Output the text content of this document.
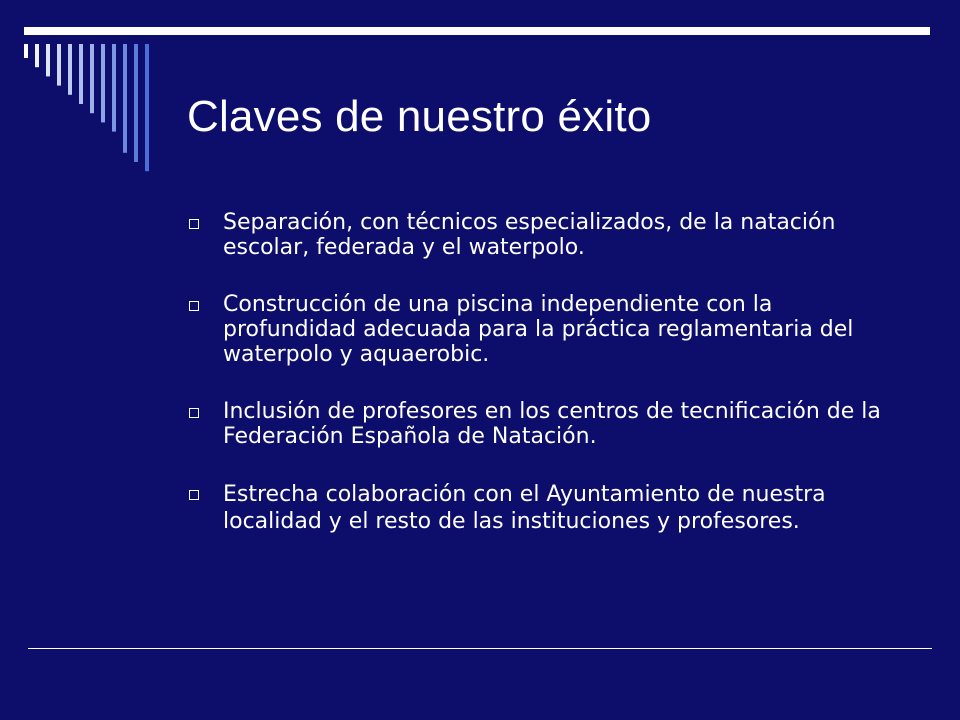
Claves de nuestro éxito
Separación, con técnicos especializados, de la natación escolar, federada y el waterpolo.
Construcción de una piscina independiente con la profundidad adecuada para la práctica reglamentaria del waterpolo y aquaerobic.
Inclusión de profesores en los centros de tecnificación de la Federación Española de Natación.
Estrecha colaboración con el Ayuntamiento de nuestra localidad y el resto de las instituciones y profesores.
